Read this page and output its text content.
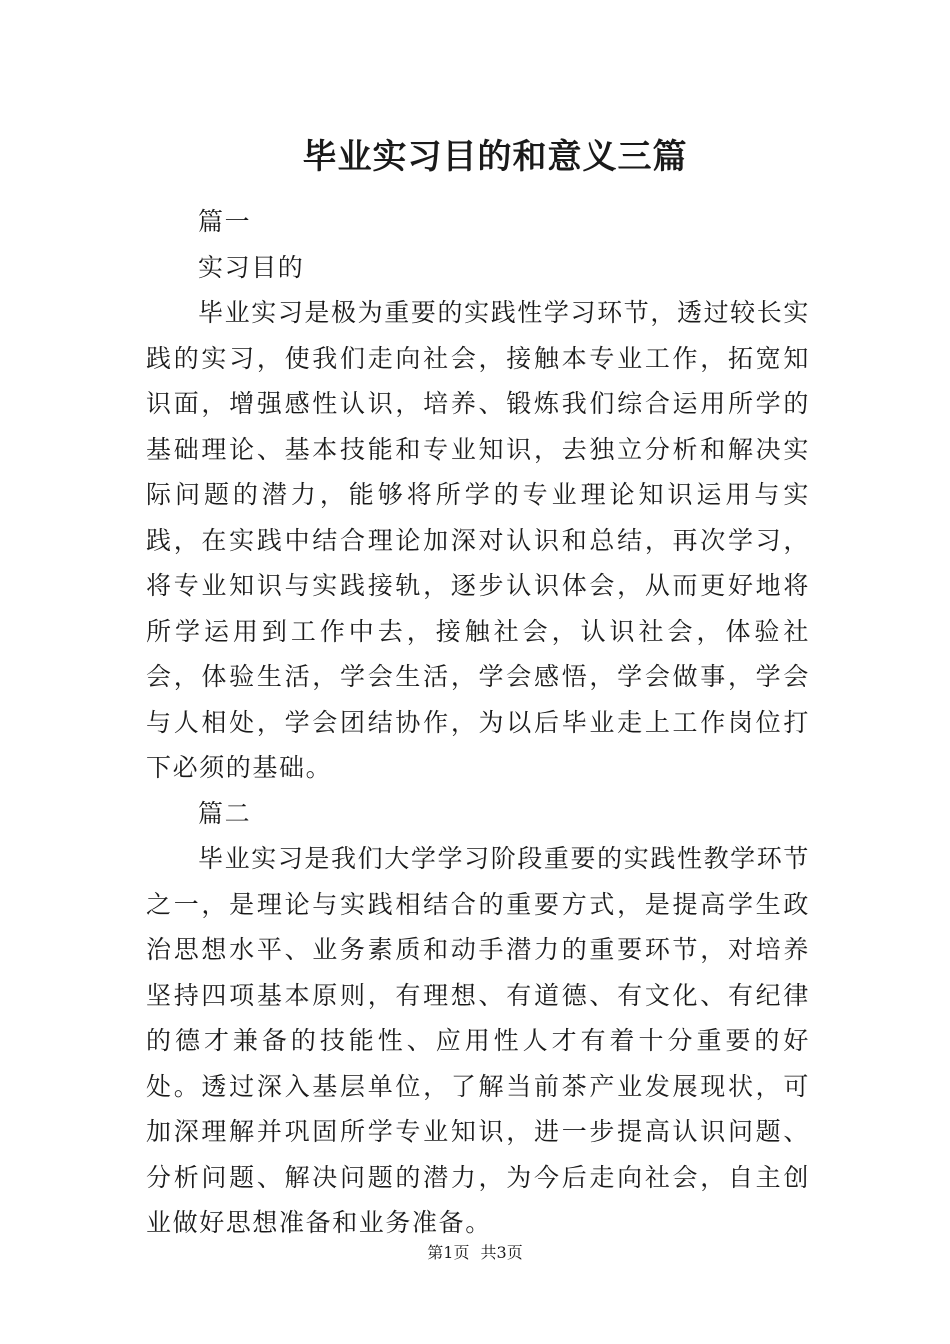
毕业实习目的和意义三篇

篇一

实习目的

毕业实习是极为重要的实践性学习环节，透过较长实践的实习，使我们走向社会，接触本专业工作，拓宽知识面，增强感性认识，培养、锻炼我们综合运用所学的基础理论、基本技能和专业知识，去独立分析和解决实际问题的潜力，能够将所学的专业理论知识运用与实践，在实践中结合理论加深对认识和总结，再次学习，将专业知识与实践接轨，逐步认识体会，从而更好地将所学运用到工作中去，接触社会，认识社会，体验社会，体验生活，学会生活，学会感悟，学会做事，学会与人相处，学会团结协作，为以后毕业走上工作岗位打下必须的基础。

篇二

毕业实习是我们大学学习阶段重要的实践性教学环节之一，是理论与实践相结合的重要方式，是提高学生政治思想水平、业务素质和动手潜力的重要环节，对培养坚持四项基本原则，有理想、有道德、有文化、有纪律的德才兼备的技能性、应用性人才有着十分重要的好处。透过深入基层单位，了解当前茶产业发展现状，可加深理解并巩固所学专业知识，进一步提高认识问题、分析问题、解决问题的潜力，为今后走向社会，自主创业做好思想准备和业务准备。

第1页 共3页
